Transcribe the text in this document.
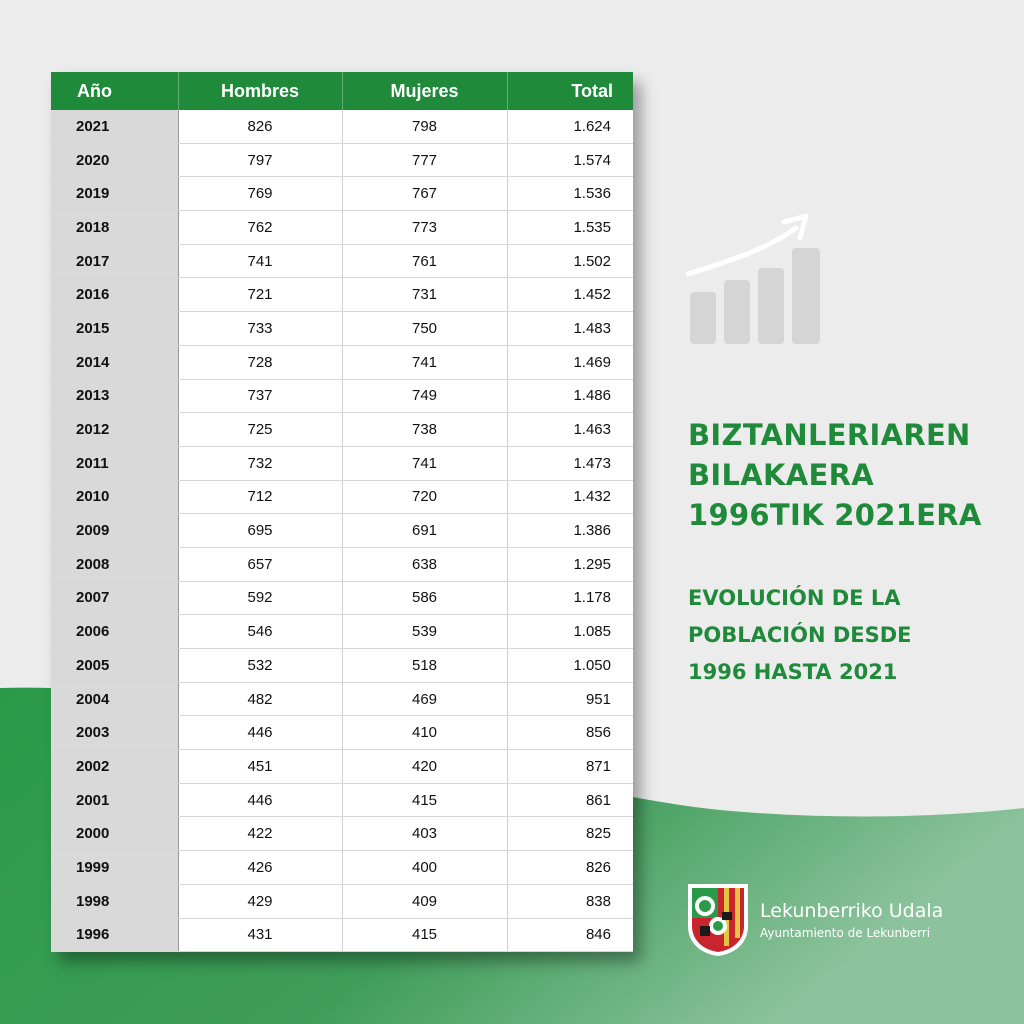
Año	Hombres	Mujeres	Total
2021	826	798	1.624
2020	797	777	1.574
2019	769	767	1.536
2018	762	773	1.535
2017	741	761	1.502
2016	721	731	1.452
2015	733	750	1.483
2014	728	741	1.469
2013	737	749	1.486
2012	725	738	1.463
2011	732	741	1.473
2010	712	720	1.432
2009	695	691	1.386
2008	657	638	1.295
2007	592	586	1.178
2006	546	539	1.085
2005	532	518	1.050
2004	482	469	951
2003	446	410	856
2002	451	420	871
2001	446	415	861
2000	422	403	825
1999	426	400	826
1998	429	409	838
1996	431	415	846
BIZTANLERIAREN
BILAKAERA
1996TIK 2021ERA
EVOLUCIÓN DE LA
POBLACIÓN DESDE
1996 HASTA 2021

Lekunberriko Udala

Ayuntamiento de Lekunberri
